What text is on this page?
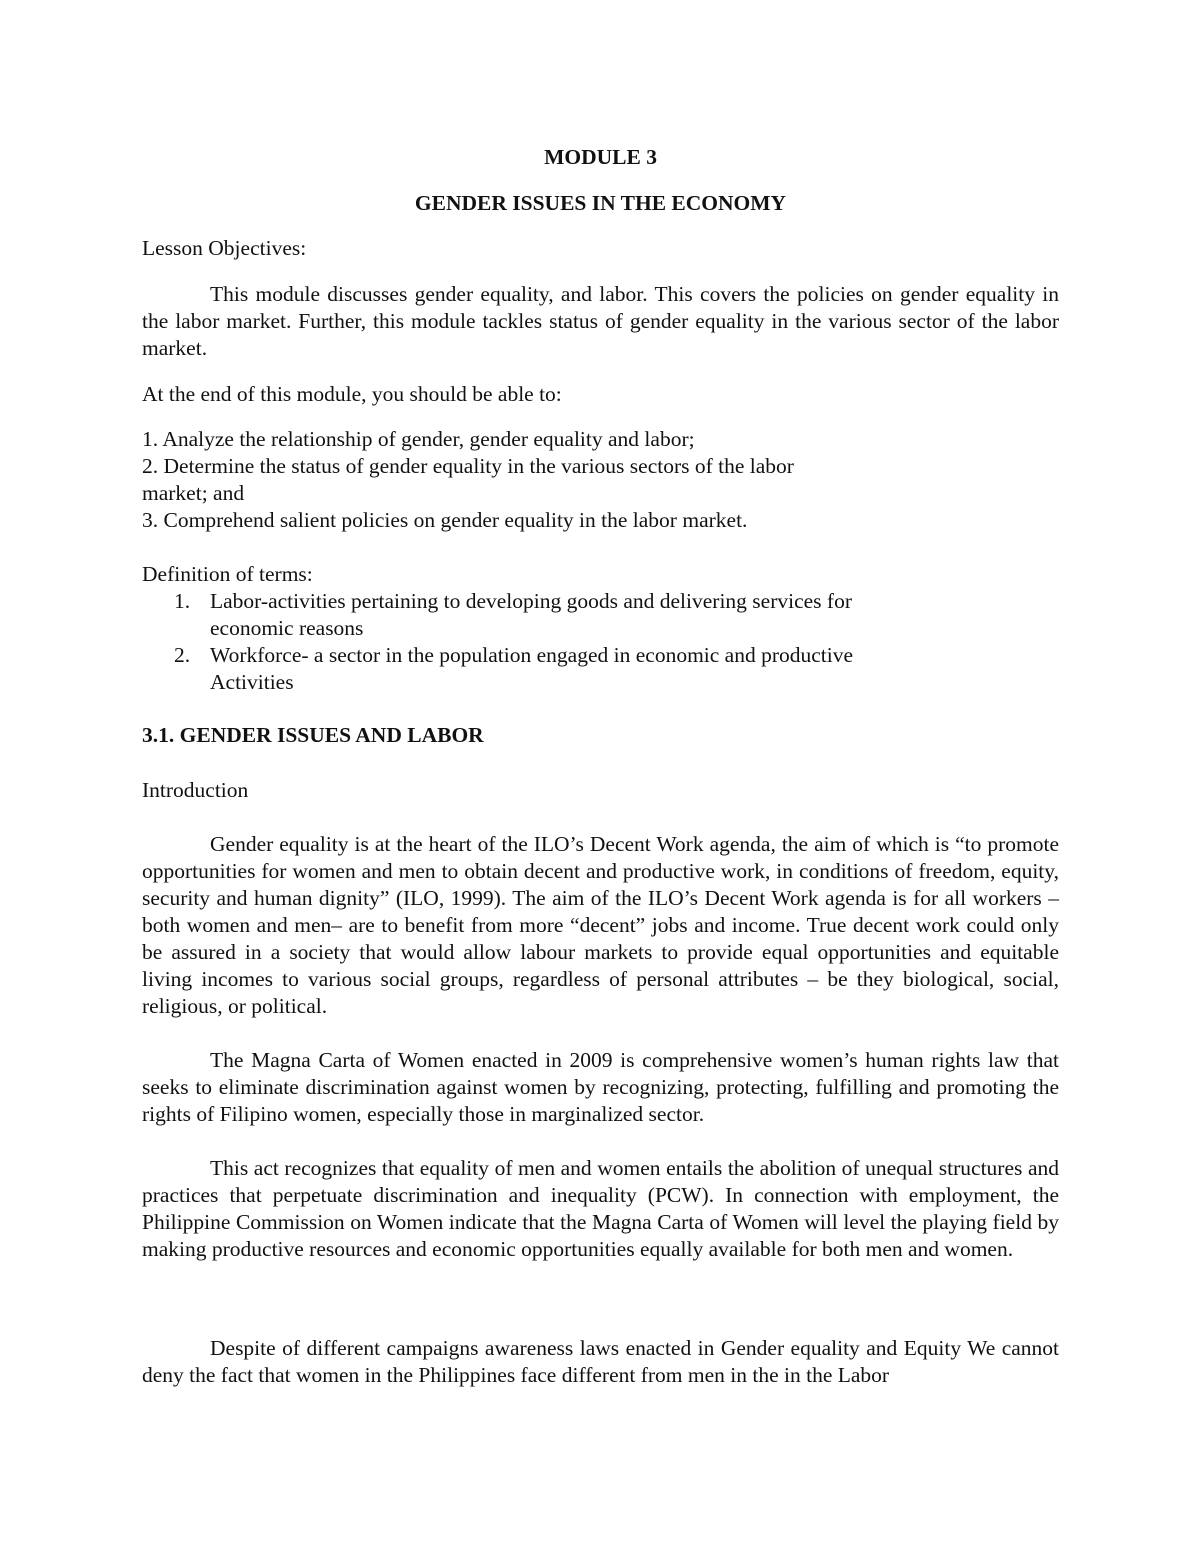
MODULE 3

GENDER ISSUES IN THE ECONOMY

Lesson Objectives:

This module discusses gender equality, and labor. This covers the policies on gender equality in the labor market. Further, this module tackles status of gender equality in the various sector of the labor market.

At the end of this module, you should be able to:

1. Analyze the relationship of gender, gender equality and labor;

2. Determine the status of gender equality in the various sectors of the labor

market; and

3. Comprehend salient policies on gender equality in the labor market.

Definition of terms:

1. Labor-activities pertaining to developing goods and delivering services for
economic reasons
2. Workforce- a sector in the population engaged in economic and productive
Activities

3.1. GENDER ISSUES AND LABOR

Introduction

Gender equality is at the heart of the ILO’s Decent Work agenda, the aim of which is “to promote opportunities for women and men to obtain decent and productive work, in conditions of freedom, equity, security and human dignity” (ILO, 1999). The aim of the ILO’s Decent Work agenda is for all workers –both women and men– are to benefit from more “decent” jobs and income. True decent work could only be assured in a society that would allow labour markets to provide equal opportunities and equitable living incomes to various social groups, regardless of personal attributes – be they biological, social, religious, or political.

The Magna Carta of Women enacted in 2009 is comprehensive women’s human rights law that seeks to eliminate discrimination against women by recognizing, protecting, fulfilling and promoting the rights of Filipino women, especially those in marginalized sector.

This act recognizes that equality of men and women entails the abolition of unequal structures and practices that perpetuate discrimination and inequality (PCW). In connection with employment, the Philippine Commission on Women indicate that the Magna Carta of Women will level the playing field by making productive resources and economic opportunities equally available for both men and women.

Despite of different campaigns awareness laws enacted in Gender equality and Equity We cannot deny the fact that women in the Philippines face different from men in the in the Labor
